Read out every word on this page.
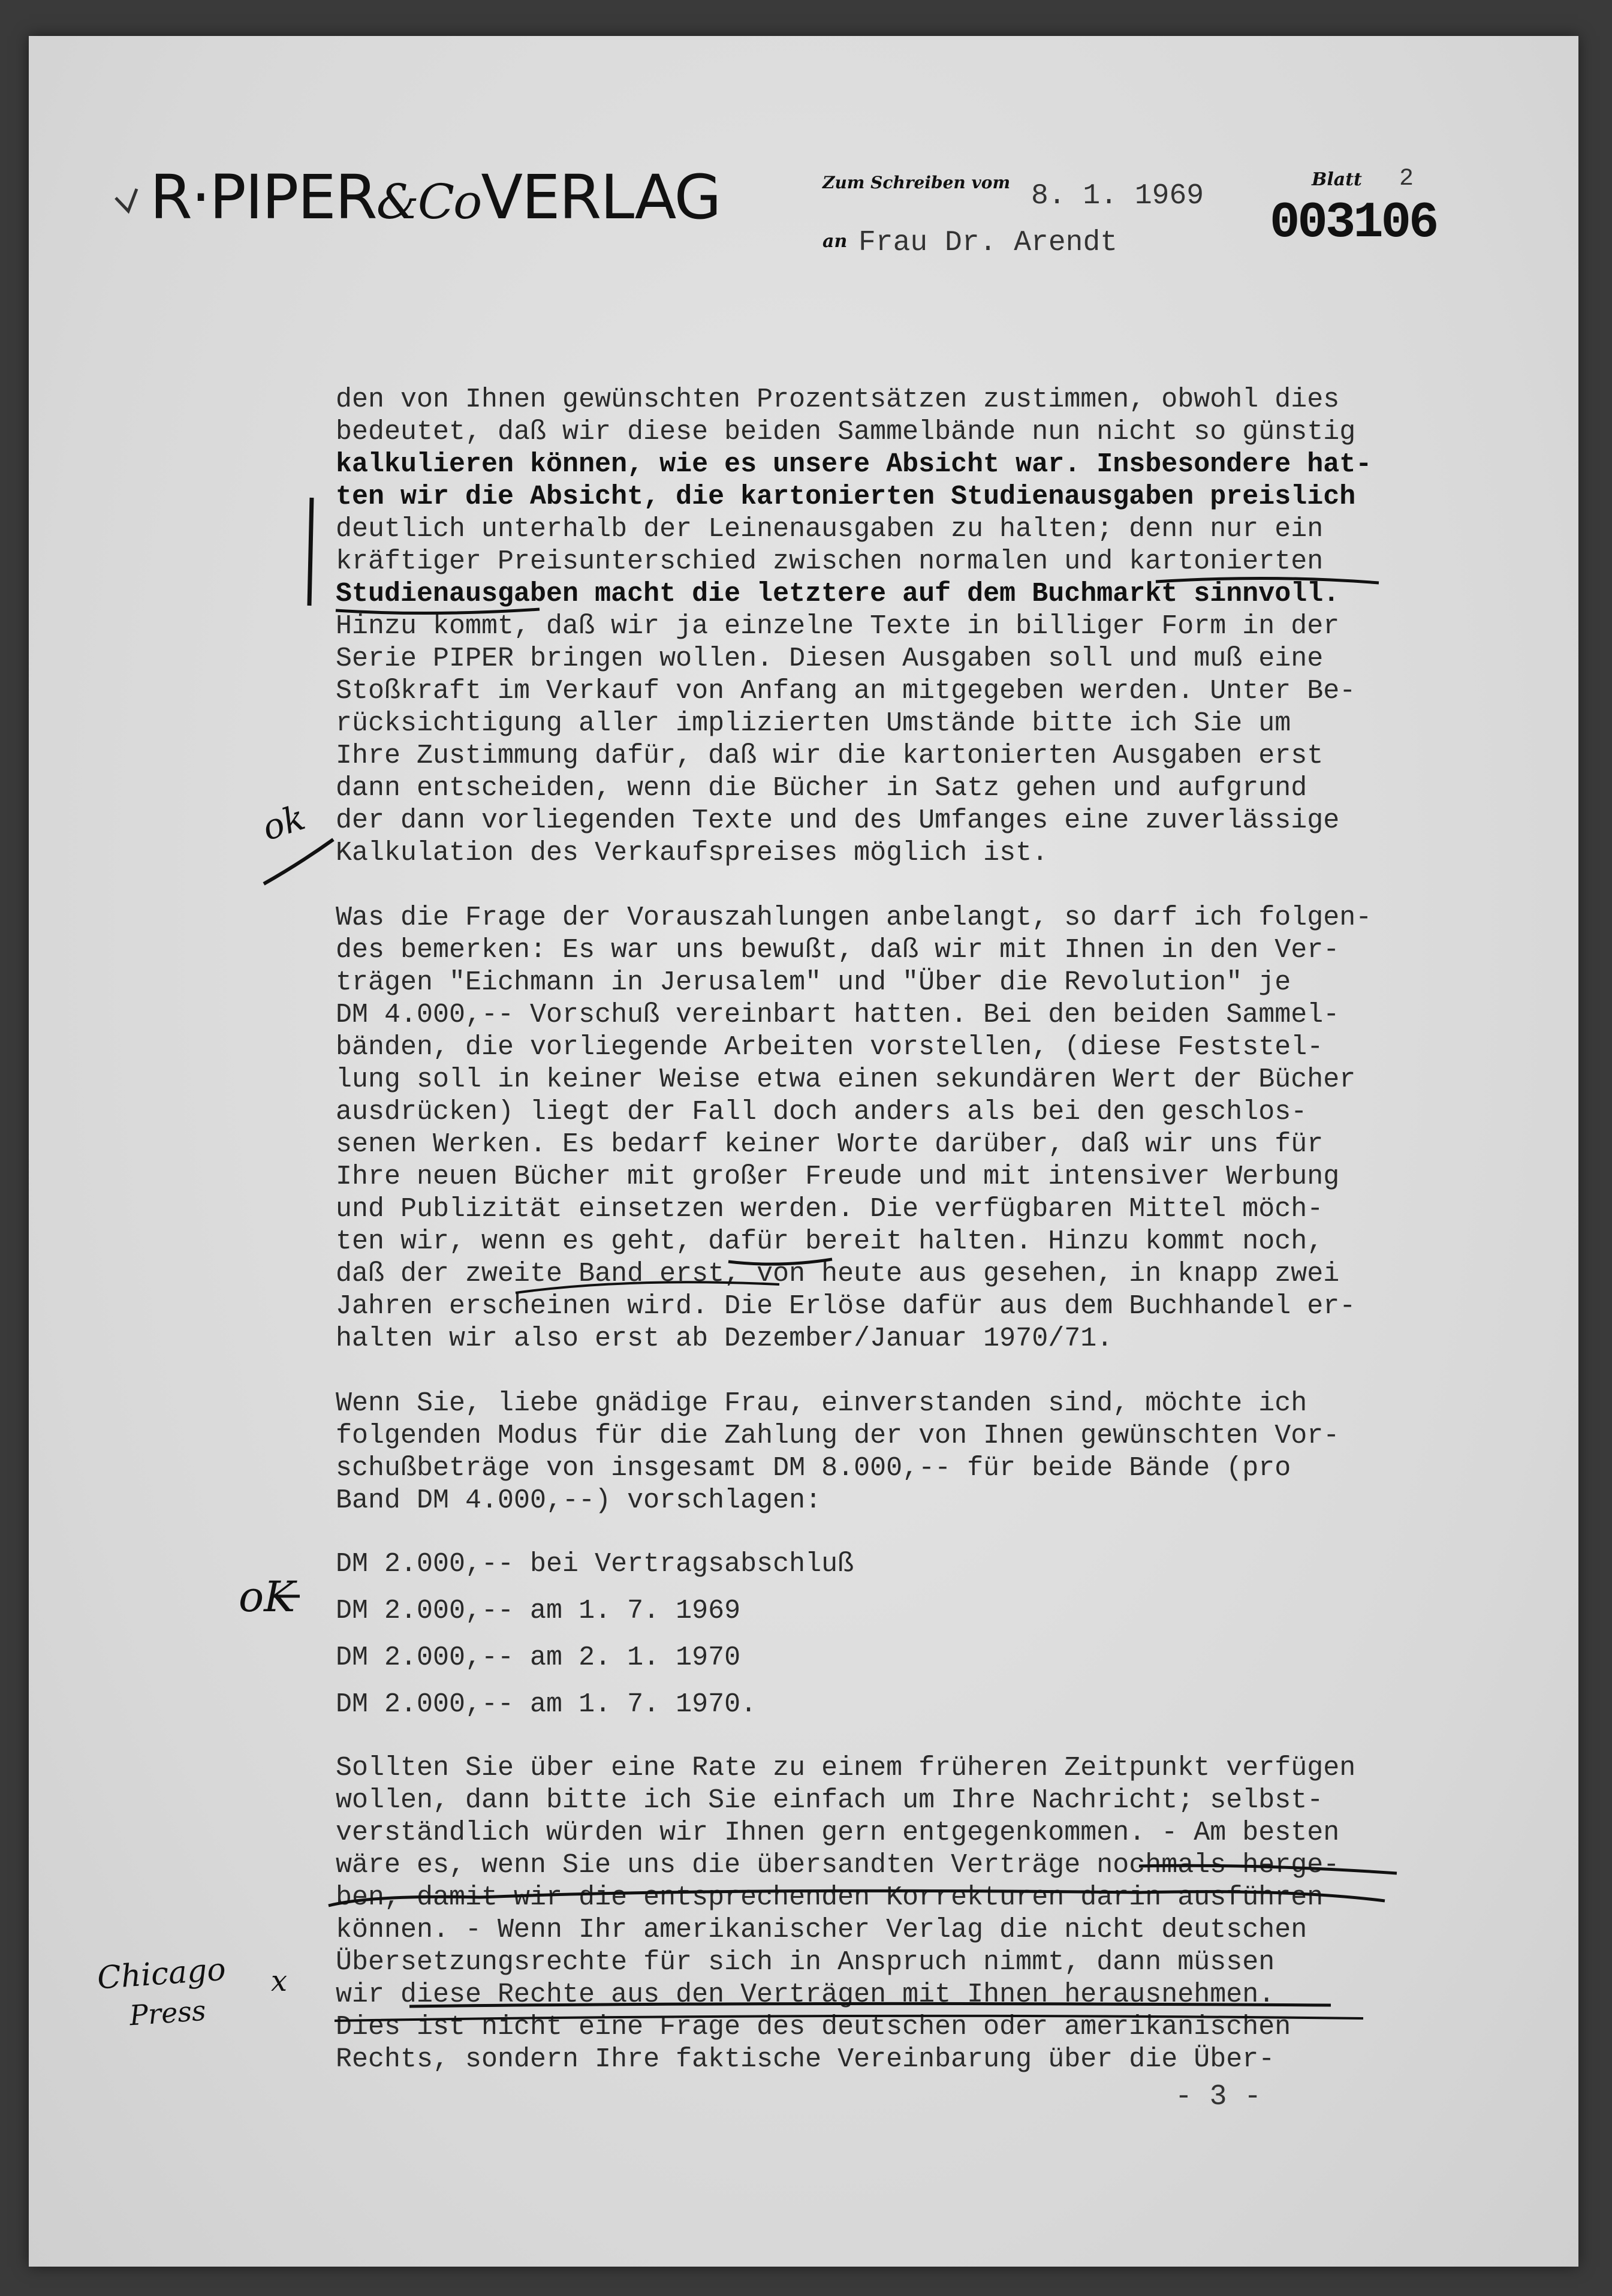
R·PIPER&CoVERLAG	Zum Schreiben vom 8. 1. 1969
Blatt 2
an Frau Dr. Arendt	003106
den von Ihnen gewünschten Prozentsätzen zustimmen, obwohl dies
bedeutet, daß wir diese beiden Sammelbände nun nicht so günstig
kalkulieren können, wie es unsere Absicht war. Insbesondere hat-
ten wir die Absicht, die kartonierten Studienausgaben preislich
deutlich unterhalb der Leinenausgaben zu halten; denn nur ein
kräftiger Preisunterschied zwischen normalen und kartonierten
Studienausgaben macht die letztere auf dem Buchmarkt sinnvoll.
Hinzu kommt, daß wir ja einzelne Texte in billiger Form in der
Serie PIPER bringen wollen. Diesen Ausgaben soll und muß eine
Stoßkraft im Verkauf von Anfang an mitgegeben werden. Unter Be-
rücksichtigung aller implizierten Umstände bitte ich Sie um
Ihre Zustimmung dafür, daß wir die kartonierten Ausgaben erst
dann entscheiden, wenn die Bücher in Satz gehen und aufgrund
der dann vorliegenden Texte und des Umfanges eine zuverlässige
Kalkulation des Verkaufspreises möglich ist.
Was die Frage der Vorauszahlungen anbelangt, so darf ich folgen-
des bemerken: Es war uns bewußt, daß wir mit Ihnen in den Ver-
trägen "Eichmann in Jerusalem" und "Über die Revolution" je
DM 4.000,-- Vorschuß vereinbart hatten. Bei den beiden Sammel-
bänden, die vorliegende Arbeiten vorstellen, (diese Feststel-
lung soll in keiner Weise etwa einen sekundären Wert der Bücher
ausdrücken) liegt der Fall doch anders als bei den geschlos-
senen Werken. Es bedarf keiner Worte darüber, daß wir uns für
Ihre neuen Bücher mit großer Freude und mit intensiver Werbung
und Publizität einsetzen werden. Die verfügbaren Mittel möch-
ten wir, wenn es geht, dafür bereit halten. Hinzu kommt noch,
daß der zweite Band erst, von heute aus gesehen, in knapp zwei
Jahren erscheinen wird. Die Erlöse dafür aus dem Buchhandel er-
halten wir also erst ab Dezember/Januar 1970/71.
Wenn Sie, liebe gnädige Frau, einverstanden sind, möchte ich
folgenden Modus für die Zahlung der von Ihnen gewünschten Vor-
schußbeträge von insgesamt DM 8.000,-- für beide Bände (pro
Band DM 4.000,--) vorschlagen:
DM 2.000,-- bei Vertragsabschluß
DM 2.000,-- am 1. 7. 1969
DM 2.000,-- am 2. 1. 1970
DM 2.000,-- am 1. 7. 1970.
Sollten Sie über eine Rate zu einem früheren Zeitpunkt verfügen
wollen, dann bitte ich Sie einfach um Ihre Nachricht; selbst-
verständlich würden wir Ihnen gern entgegenkommen. - Am besten
wäre es, wenn Sie uns die übersandten Verträge nochmals herge-
ben, damit wir die entsprechenden Korrekturen darin ausführen
können. - Wenn Ihr amerikanischer Verlag die nicht deutschen
Übersetzungsrechte für sich in Anspruch nimmt, dann müssen
wir diese Rechte aus den Verträgen mit Ihnen herausnehmen.
Dies ist nicht eine Frage des deutschen oder amerikanischen
Rechts, sondern Ihre faktische Vereinbarung über die Über-
- 3 -
ok
oK
Chicago
Press
x
